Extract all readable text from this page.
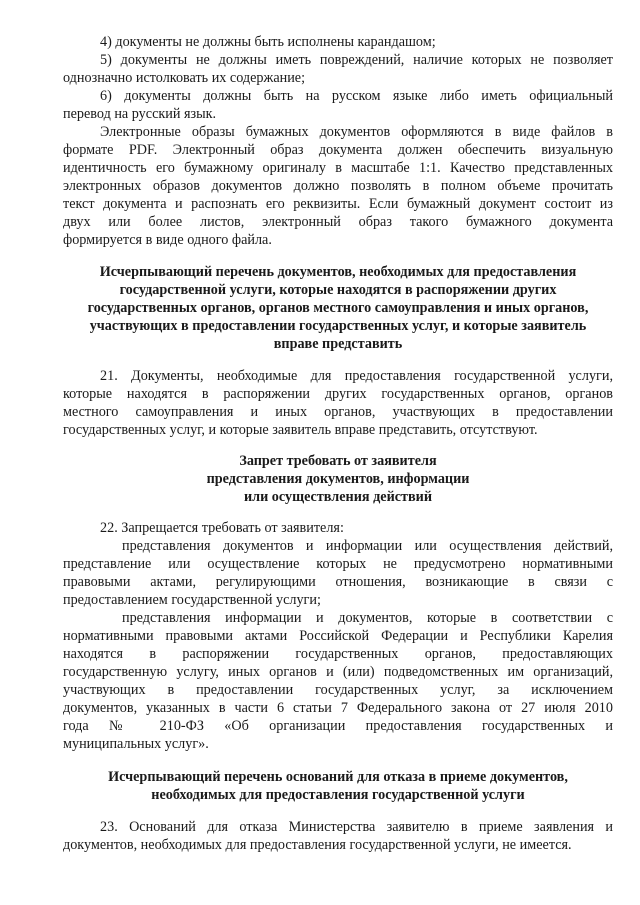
4) документы не должны быть исполнены карандашом;
5) документы не должны иметь повреждений, наличие которых не позволяет
однозначно истолковать их содержание;
6) документы должны быть на русском языке либо иметь официальный
перевод на русский язык.
Электронные образы бумажных документов оформляются в виде файлов в
формате PDF. Электронный образ документа должен обеспечить визуальную
идентичность его бумажному оригиналу в масштабе 1:1. Качество представленных
электронных образов документов должно позволять в полном объеме прочитать
текст документа и распознать его реквизиты. Если бумажный документ состоит из
двух или более листов, электронный образ такого бумажного документа
формируется в виде одного файла.
Исчерпывающий перечень документов, необходимых для предоставления
государственной услуги, которые находятся в распоряжении других
государственных органов, органов местного самоуправления и иных органов,
участвующих в предоставлении государственных услуг, и которые заявитель
вправе представить
21. Документы, необходимые для предоставления государственной услуги,
которые находятся в распоряжении других государственных органов, органов
местного самоуправления и иных органов, участвующих в предоставлении
государственных услуг, и которые заявитель вправе представить, отсутствуют.
Запрет требовать от заявителя
представления документов, информации
или осуществления действий
22. Запрещается требовать от заявителя:
представления документов и информации или осуществления действий,
представление или осуществление которых не предусмотрено нормативными
правовыми актами, регулирующими отношения, возникающие в связи с
предоставлением государственной услуги;
представления информации и документов, которые в соответствии с
нормативными правовыми актами Российской Федерации и Республики Карелия
находятся в распоряжении государственных органов, предоставляющих
государственную услугу, иных органов и (или) подведомственных им организаций,
участвующих в предоставлении государственных услуг, за исключением
документов, указанных в части 6 статьи 7 Федерального закона от 27 июля 2010
года № 210-ФЗ «Об организации предоставления государственных и
муниципальных услуг».
Исчерпывающий перечень оснований для отказа в приеме документов,
необходимых для предоставления государственной услуги
23. Оснований для отказа Министерства заявителю в приеме заявления и
документов, необходимых для предоставления государственной услуги, не имеется.
